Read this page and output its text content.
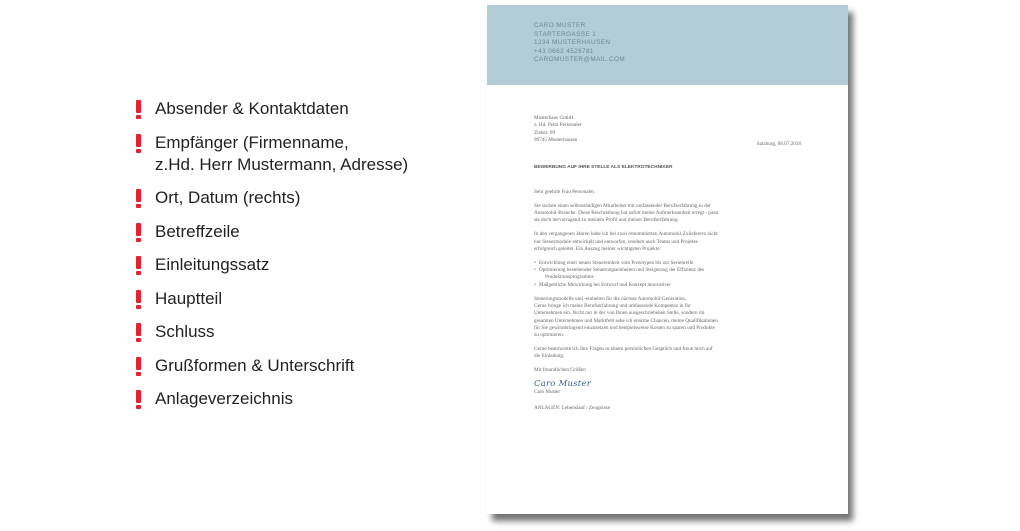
Absender & Kontaktdaten
Empfänger (Firmenname,
z.Hd. Herr Mustermann, Adresse)
Ort, Datum (rechts)
Betreffzeile
Einleitungssatz
Hauptteil
Schluss
Grußformen & Unterschrift
Anlageverzeichnis
CARO MUSTER
STARTERGASSE 1
1234 MUSTERHAUSEN
+43 0662 4526781
CAROMUSTER@MAIL.COM
Musterhaus GmbH
z. Hd. Petra Personaler
Zielstr. 99
99745 Musterhausen
Salzburg, 08.07.2018
BEWERBUNG AUF IHRE STELLE ALS ELEKTROTECHNIKER

Sehr geehrte Frau Personaler,

Sie suchen einen selbstständigen Mitarbeiter mit umfassender Berufserfahrung in der
Automobil-Branche. Diese Beschreibung hat sofort meine Aufmerksamkeit erregt - passt
sie doch hervorragend zu meinem Profil und meiner Berufserfahrung.

In den vergangenen Jahren habe ich bei zwei renommierten Automobil-Zulieferern nicht
nur Steuermodule entwickelt und entworfen, sondern auch Teams und Projekte
erfolgreich geleitet. Ein Auszug meiner wichtigsten Projekte:

• Entwicklung einer neuen Steuereinheit vom Prototypen bis zur Serienreife
• Optimierung bestehender Steuerungseinheiten und Steigerung der Effizienz des
Produktionsprogramms
• Maßgebliche Mitwirkung bei Entwurf und Konzept innovativer

Steuerungsmodelle und -einheiten für die nächste Automobil-Generation.
Gerne bringe ich meine Berufserfahrung und umfassende Kompetenz in Ihr
Unternehmen ein. Nicht nur in der von Ihnen ausgeschriebenen Stelle, sondern im
gesamten Unternehmen und Marktfeld sehe ich enorme Chancen, meine Qualifikationen
für Sie gewinnbringend einzusetzen und beispielsweise Kosten zu sparen und Produkte
zu optimieren.

Gerne beantworte ich Ihre Fragen in einem persönlichen Gespräch und freue mich auf
die Einladung.

Mit freundlichen Grüßen
Caro Muster
Caro Muster
ANLAGEN: Lebenslauf / Zeugnisse
